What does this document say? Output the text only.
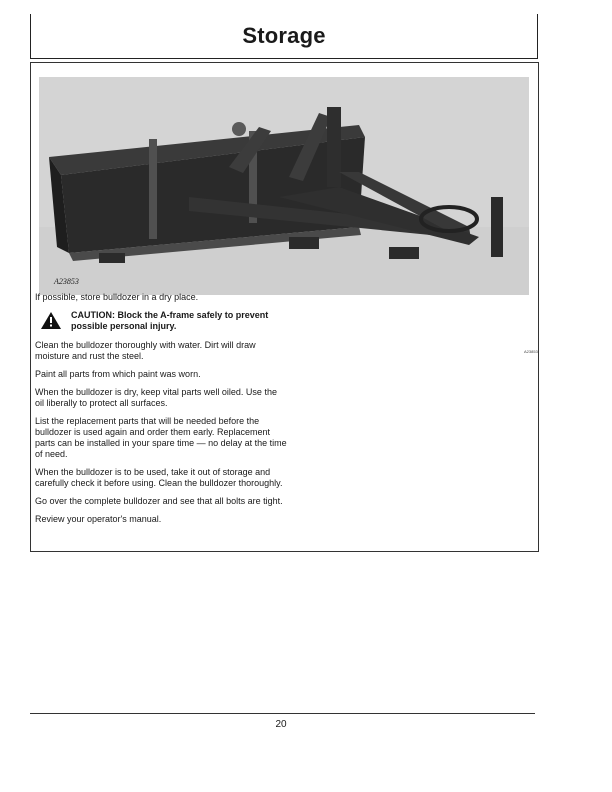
Storage
A23853
A23853

If possible, store bulldozer in a dry place.

CAUTION: Block the A-frame safely to prevent possible personal injury.

Clean the bulldozer thoroughly with water. Dirt will draw moisture and rust the steel.

Paint all parts from which paint was worn.

When the bulldozer is dry, keep vital parts well oiled. Use the oil liberally to protect all surfaces.

List the replacement parts that will be needed before the bulldozer is used again and order them early. Replacement parts can be installed in your spare time — no delay at the time of need.

When the bulldozer is to be used, take it out of storage and carefully check it before using. Clean the bulldozer thoroughly.

Go over the complete bulldozer and see that all bolts are tight.

Review your operator's manual.

20
